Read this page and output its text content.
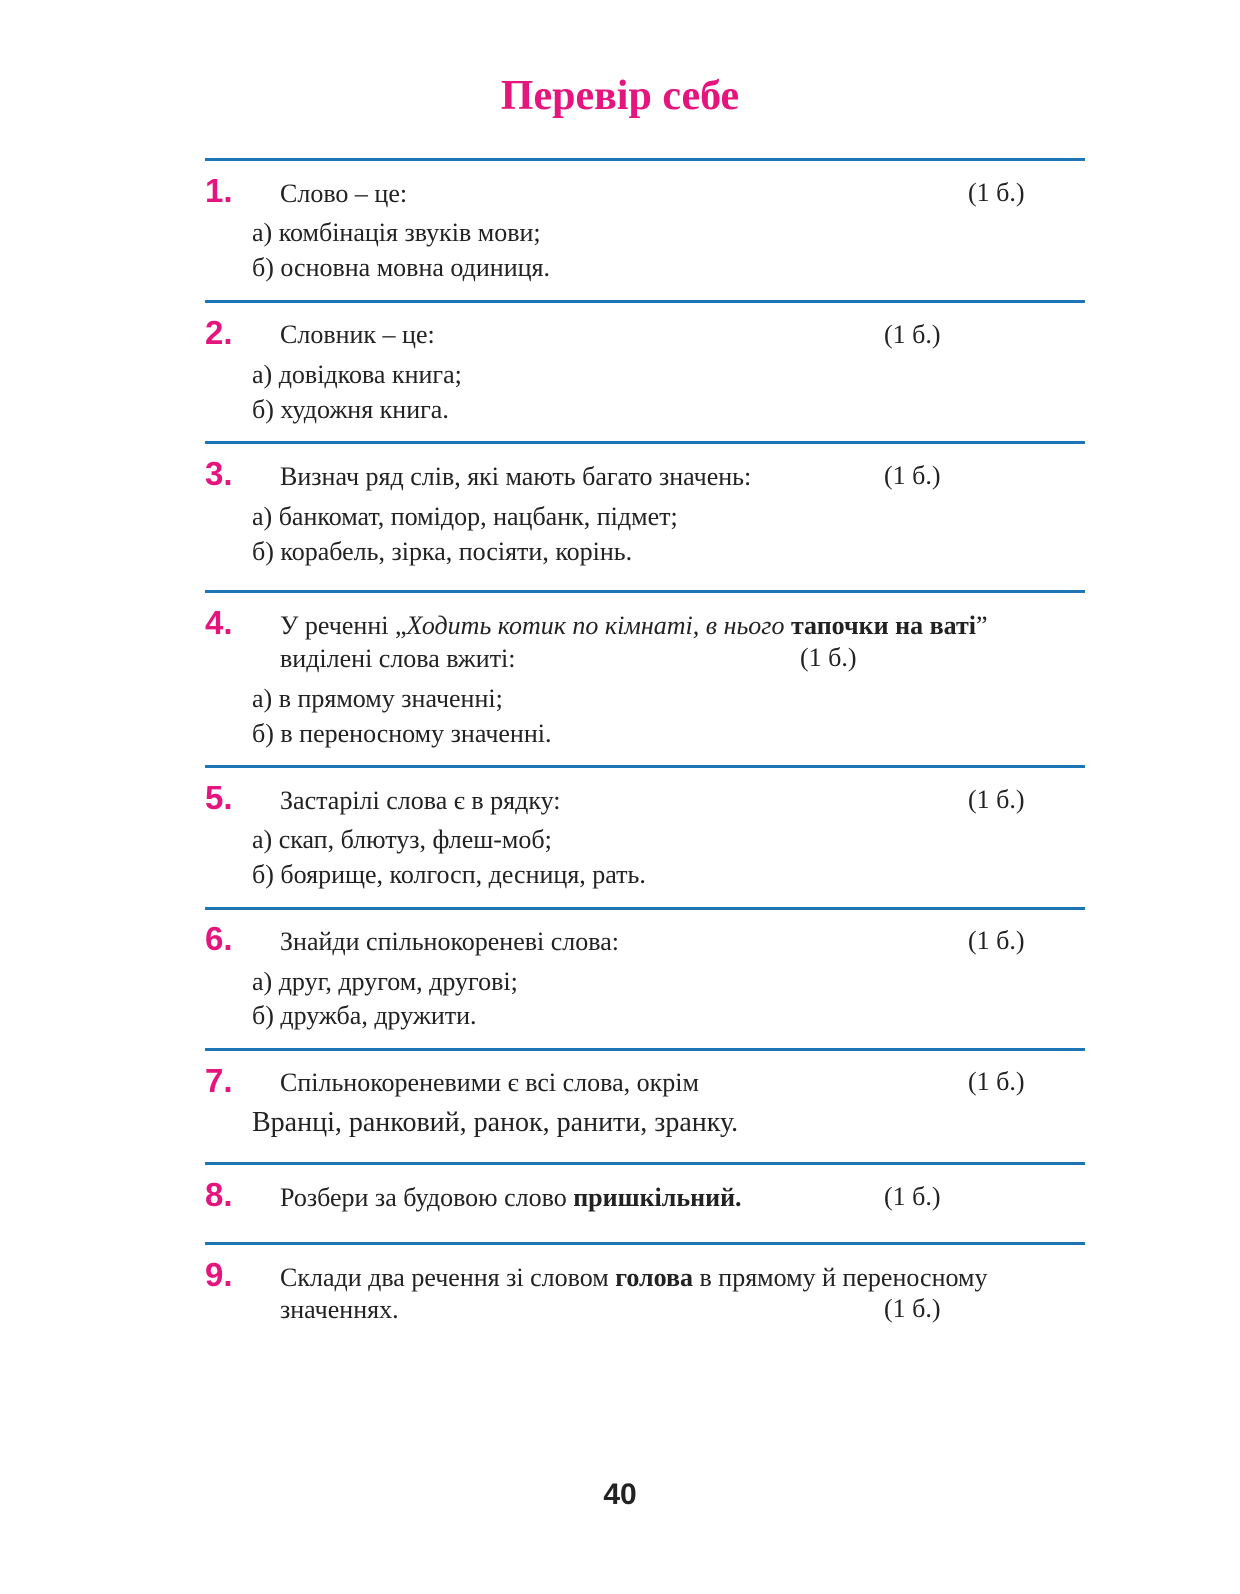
Перевір себе
1. Слово – це:	(1 б.)
а) комбінація звуків мови;
б) основна мовна одиниця.
2. Словник – це:	(1 б.)
а) довідкова книга;
б) художня книга.
3. Визнач ряд слів, які мають багато значень:	(1 б.)
а) банкомат, помідор, нацбанк, підмет;
б) корабель, зірка, посіяти, корінь.
4. У реченні „Ходить котик по кімнаті, в нього тапочки на ваті”
виділені слова вжиті:	(1 б.)
а) в прямому значенні;
б) в переносному значенні.
5. Застарілі слова є в рядку:	(1 б.)
а) скап, блютуз, флеш-моб;
б) боярище, колгосп, десниця, рать.
6. Знайди спільнокореневі слова:	(1 б.)
а) друг, другом, другові;
б) дружба, дружити.
7. Спільнокореневими є всі слова, окрім	(1 б.)
Вранці, ранковий, ранок, ранити, зранку.
8. Розбери за будовою слово пришкільний.	(1 б.)
9. Склади два речення зі словом голова в прямому й переносному
значеннях.	(1 б.)
40
